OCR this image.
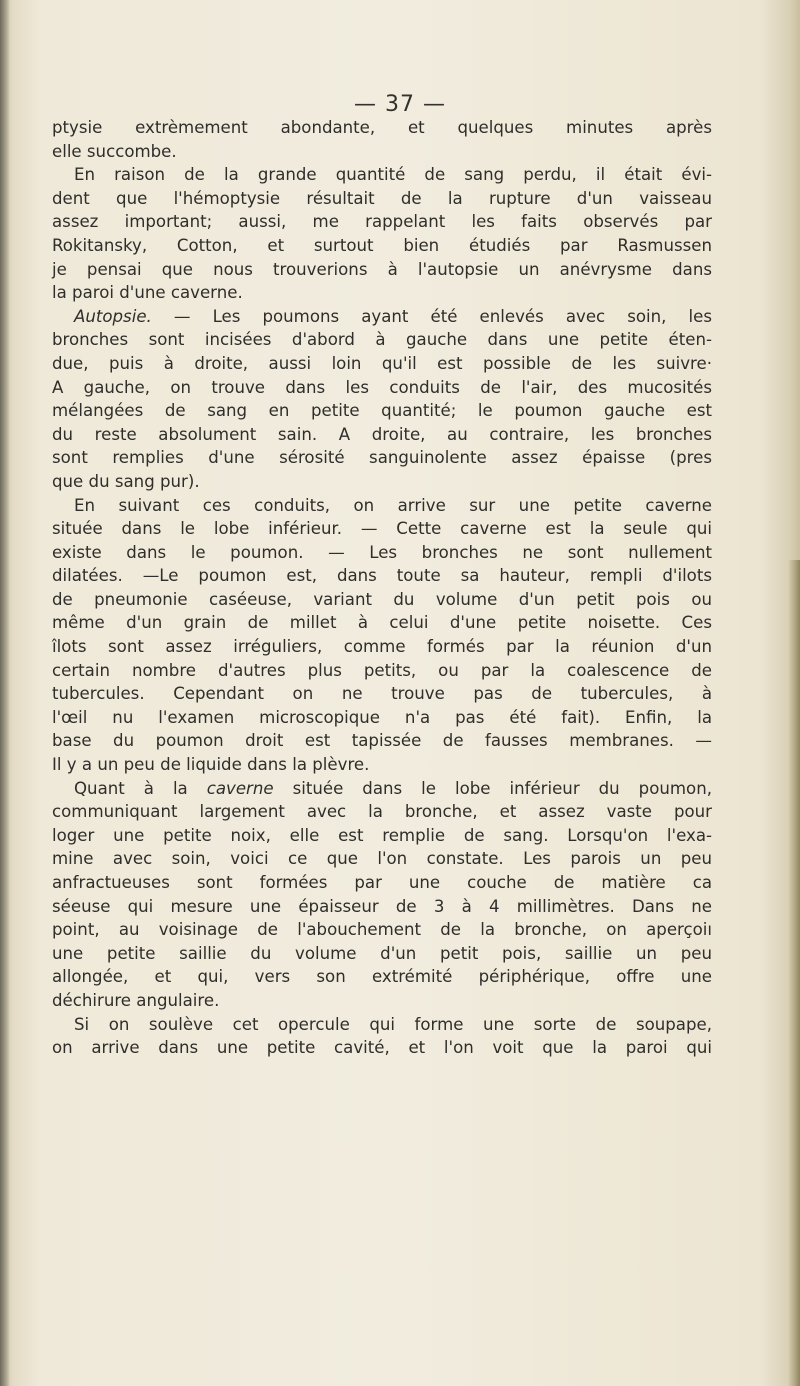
— 37 —
ptysie extrèmement abondante, et quelques minutes après
elle succombe.
En raison de la grande quantité de sang perdu, il était évi-
dent que l'hémoptysie résultait de la rupture d'un vaisseau
assez important; aussi, me rappelant les faits observés par
Rokitansky, Cotton, et surtout bien étudiés par Rasmussen
je pensai que nous trouverions à l'autopsie un anévrysme dans
la paroi d'une caverne.
Autopsie. — Les poumons ayant été enlevés avec soin, les
bronches sont incisées d'abord à gauche dans une petite éten-
due, puis à droite, aussi loin qu'il est possible de les suivre·
A gauche, on trouve dans les conduits de l'air, des mucosités
mélangées de sang en petite quantité; le poumon gauche est
du reste absolument sain. A droite, au contraire, les bronches
sont remplies d'une sérosité sanguinolente assez épaisse (pres
que du sang pur).
En suivant ces conduits, on arrive sur une petite caverne
située dans le lobe inférieur. — Cette caverne est la seule qui
existe dans le poumon. — Les bronches ne sont nullement
dilatées. —Le poumon est, dans toute sa hauteur, rempli d'ilots
de pneumonie caséeuse, variant du volume d'un petit pois ou
même d'un grain de millet à celui d'une petite noisette. Ces
îlots sont assez irréguliers, comme formés par la réunion d'un
certain nombre d'autres plus petits, ou par la coalescence de
tubercules. Cependant on ne trouve pas de tubercules, à
l'œil nu l'examen microscopique n'a pas été fait). Enfin, la
base du poumon droit est tapissée de fausses membranes. —
Il y a un peu de liquide dans la plèvre.
Quant à la caverne située dans le lobe inférieur du poumon,
communiquant largement avec la bronche, et assez vaste pour
loger une petite noix, elle est remplie de sang. Lorsqu'on l'exa-
mine avec soin, voici ce que l'on constate. Les parois un peu
anfractueuses sont formées par une couche de matière ca
séeuse qui mesure une épaisseur de 3 à 4 millimètres. Dans ne
point, au voisinage de l'abouchement de la bronche, on aperçoiı
une petite saillie du volume d'un petit pois, saillie un peu
allongée, et qui, vers son extrémité périphérique, offre une
déchirure angulaire.
Si on soulève cet opercule qui forme une sorte de soupape,
on arrive dans une petite cavité, et l'on voit que la paroi qui
